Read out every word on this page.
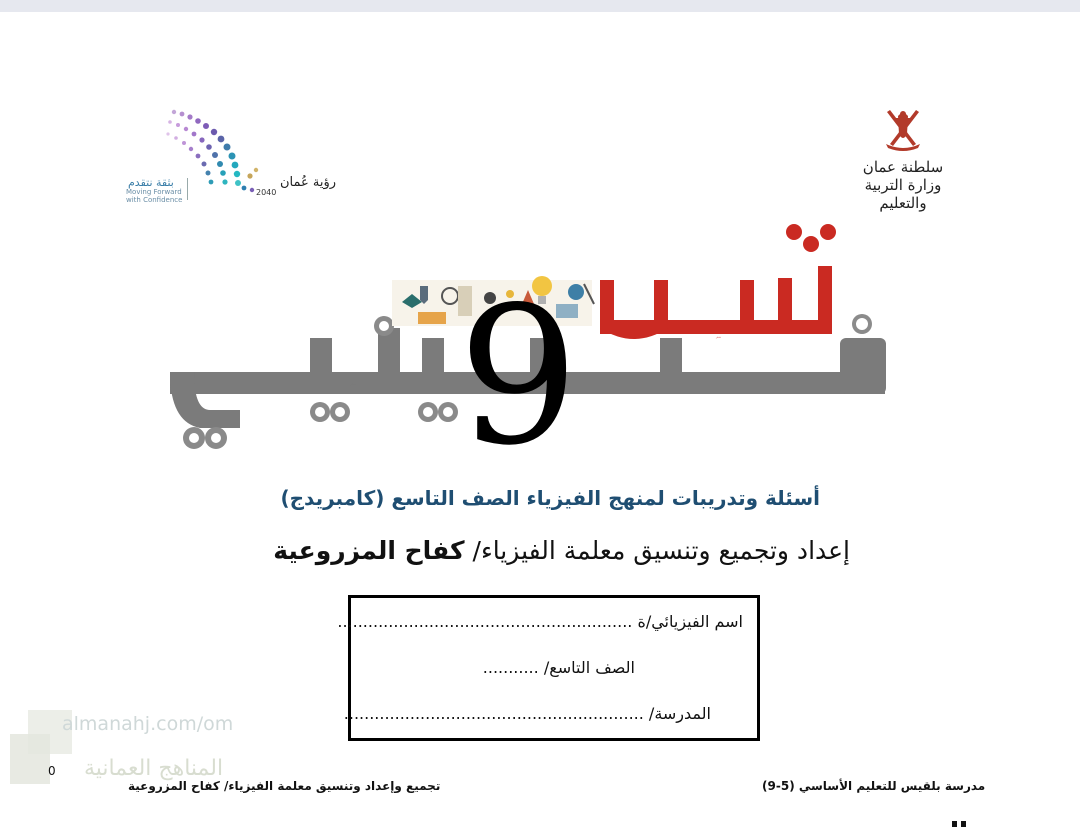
سلطنة عمان
وزارة التربية والتعليم
رؤية عُمان
2040
بثقة نتقدم
Moving Forward
with Confidence
شاطر
فيزيائي 9
أسئلة وتدريبات لمنهج الفيزياء الصف التاسع (كامبريدج)
إعداد وتجميع وتنسيق معلمة الفيزياء/ كفاح المزروعية
اسم الفيزيائي/ة ..........................................................
الصف التاسع/ ...........
المدرسة/ ...........................................................
almanahj.com/om
المناهج العمانية
0
تجميع وإعداد وتنسيق معلمة الفيزياء/ كفاح المزروعية	مدرسة بلقيس للتعليم الأساسي (5-9)
